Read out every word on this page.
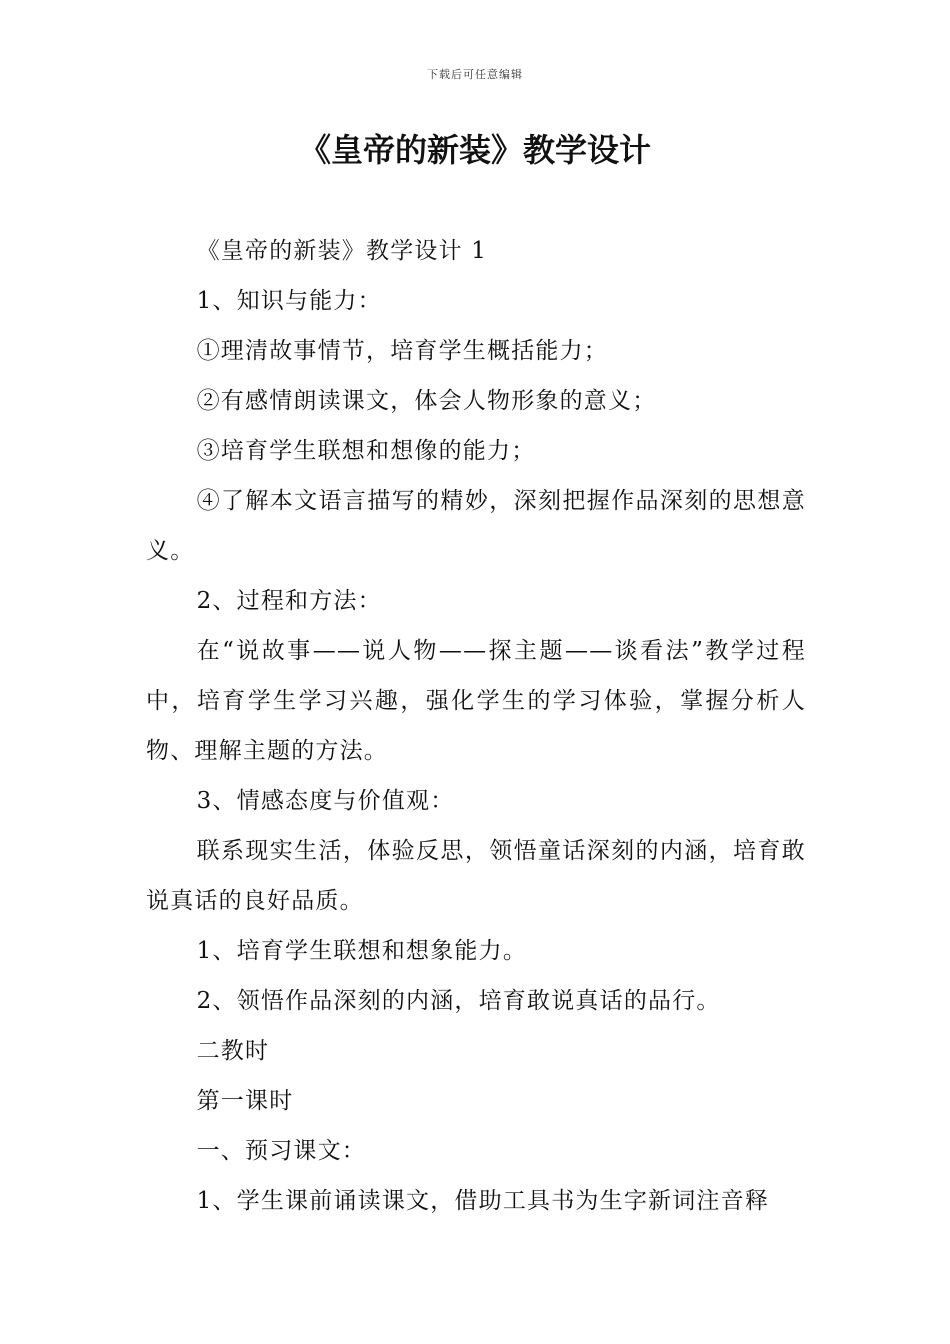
下载后可任意编辑
《皇帝的新装》教学设计

《皇帝的新装》教学设计 1

1、知识与能力：

①理清故事情节，培育学生概括能力；

②有感情朗读课文，体会人物形象的意义；

③培育学生联想和想像的能力；

④了解本文语言描写的精妙，深刻把握作品深刻的思想意义。

2、过程和方法：

在“说故事——说人物——探主题——谈看法”教学过程中，培育学生学习兴趣，强化学生的学习体验，掌握分析人物、理解主题的方法。

3、情感态度与价值观：

联系现实生活，体验反思，领悟童话深刻的内涵，培育敢说真话的良好品质。

1、培育学生联想和想象能力。

2、领悟作品深刻的内涵，培育敢说真话的品行。

二教时

第一课时

一、预习课文：

1、学生课前诵读课文，借助工具书为生字新词注音释
